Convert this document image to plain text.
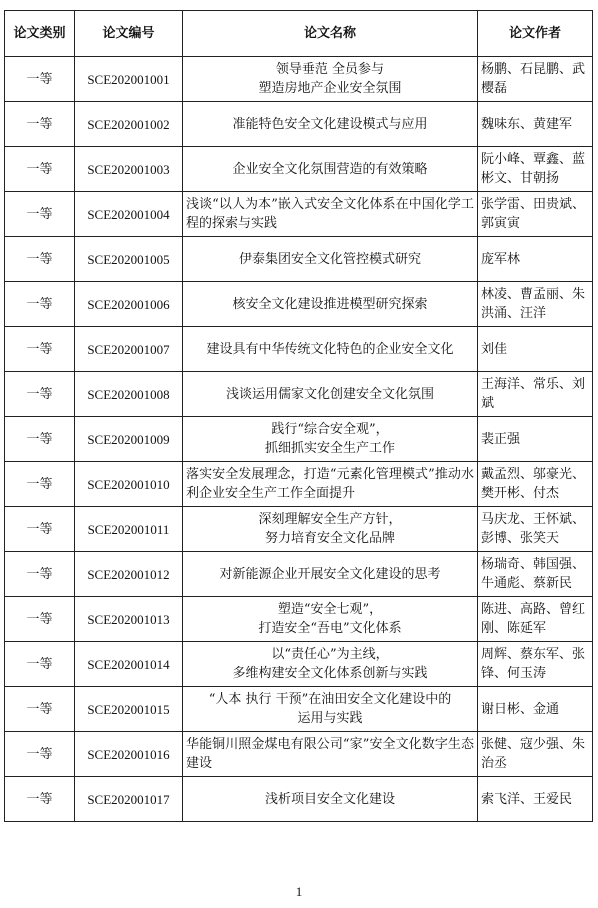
论文类别	论文编号	论文名称	论文作者
一等	SCE202001001	领导垂范 全员参与
塑造房地产企业安全氛围	杨鹏、石昆鹏、武樱磊
一等	SCE202001002	准能特色安全文化建设模式与应用	魏味东、黄建军
一等	SCE202001003	企业安全文化氛围营造的有效策略	阮小峰、覃鑫、蓝彬文、甘朝扬
一等	SCE202001004	浅谈“以人为本”嵌入式安全文化体系在中国化学工程的探索与实践	张学雷、田贵斌、郭寅寅
一等	SCE202001005	伊泰集团安全文化管控模式研究	庞军林
一等	SCE202001006	核安全文化建设推进模型研究探索	林凌、曹孟丽、朱洪涌、汪洋
一等	SCE202001007	建设具有中华传统文化特色的企业安全文化	刘佳
一等	SCE202001008	浅谈运用儒家文化创建安全文化氛围	王海洋、常乐、刘斌
一等	SCE202001009	践行“综合安全观”，
抓细抓实安全生产工作	裴正强
一等	SCE202001010	落实安全发展理念，打造“元素化管理模式”推动水利企业安全生产工作全面提升	戴孟烈、邬豪光、樊开彬、付杰
一等	SCE202001011	深刻理解安全生产方针，
努力培育安全文化品牌	马庆龙、王怀斌、彭博、张笑天
一等	SCE202001012	对新能源企业开展安全文化建设的思考	杨瑞奇、韩国强、牛通彪、蔡新民
一等	SCE202001013	塑造“安全七观”，
打造安全“吾电”文化体系	陈进、高路、曾红刚、陈延军
一等	SCE202001014	以“责任心”为主线，
多维构建安全文化体系创新与实践	周辉、蔡东军、张锋、何玉涛
一等	SCE202001015	“人本 执行 干预”在油田安全文化建设中的
运用与实践	谢日彬、金通
一等	SCE202001016	华能铜川照金煤电有限公司“家”安全文化数字生态建设	张健、寇少强、朱治丞
一等	SCE202001017	浅析项目安全文化建设	索飞洋、王爱民
1
